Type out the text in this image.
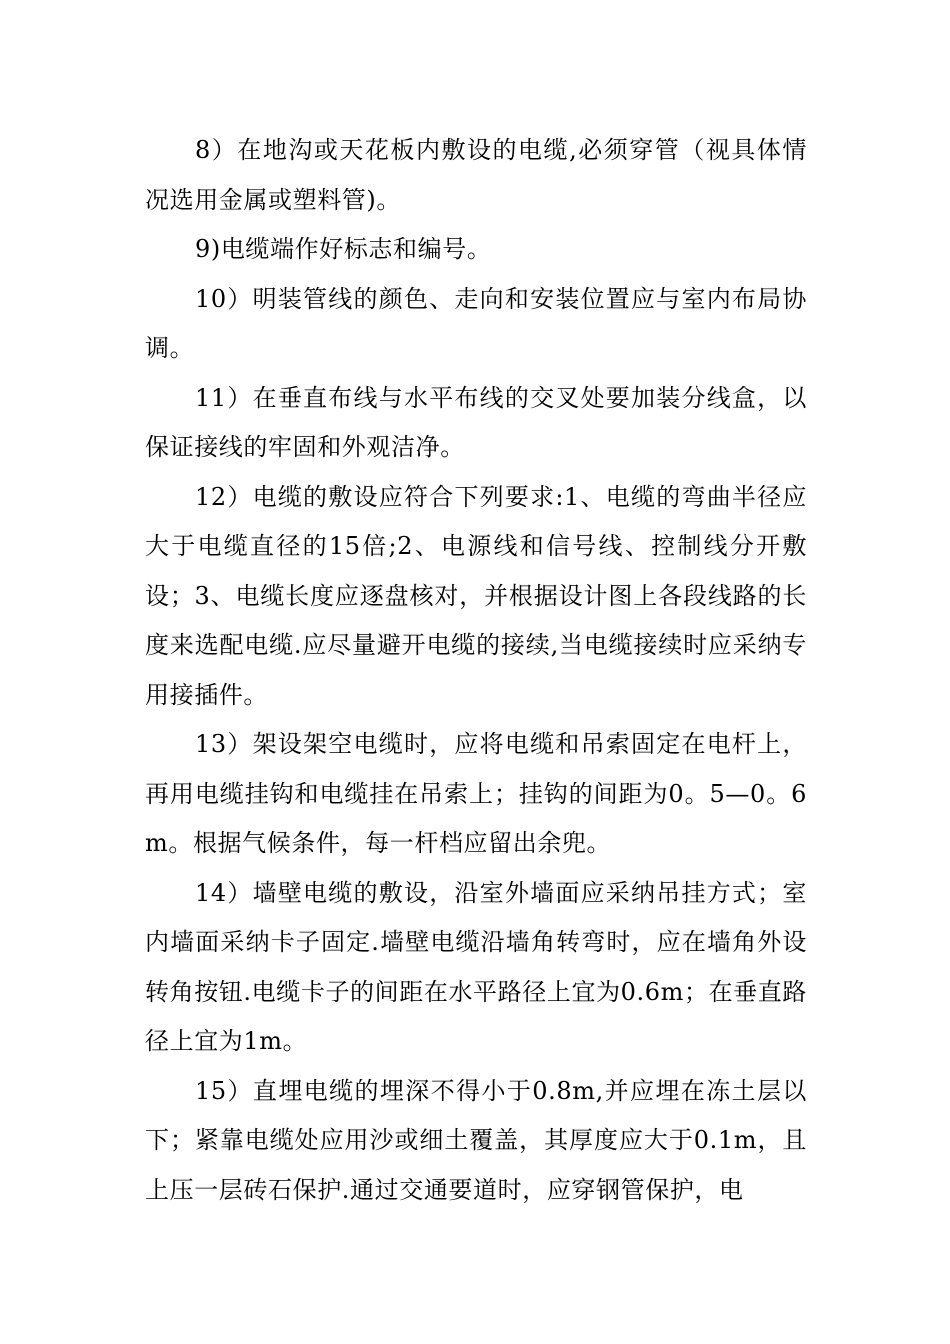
8）在地沟或天花板内敷设的电缆,必须穿管（视具体情况选用金属或塑料管)。

9)电缆端作好标志和编号。

10）明装管线的颜色、走向和安装位置应与室内布局协调。

11）在垂直布线与水平布线的交叉处要加装分线盒，以保证接线的牢固和外观洁净。

12）电缆的敷设应符合下列要求:1、电缆的弯曲半径应大于电缆直径的15倍;2、电源线和信号线、控制线分开敷设；3、电缆长度应逐盘核对，并根据设计图上各段线路的长度来选配电缆.应尽量避开电缆的接续,当电缆接续时应采纳专用接插件。

13）架设架空电缆时，应将电缆和吊索固定在电杆上，再用电缆挂钩和电缆挂在吊索上；挂钩的间距为0。5—0。6m。根据气候条件，每一杆档应留出余兜。

14）墙壁电缆的敷设，沿室外墙面应采纳吊挂方式；室内墙面采纳卡子固定.墙壁电缆沿墙角转弯时，应在墙角外设转角按钮.电缆卡子的间距在水平路径上宜为0.6m；在垂直路径上宜为1m。

15）直埋电缆的埋深不得小于0.8m,并应埋在冻土层以下；紧靠电缆处应用沙或细土覆盖，其厚度应大于0.1m，且上压一层砖石保护.通过交通要道时，应穿钢管保护，电
